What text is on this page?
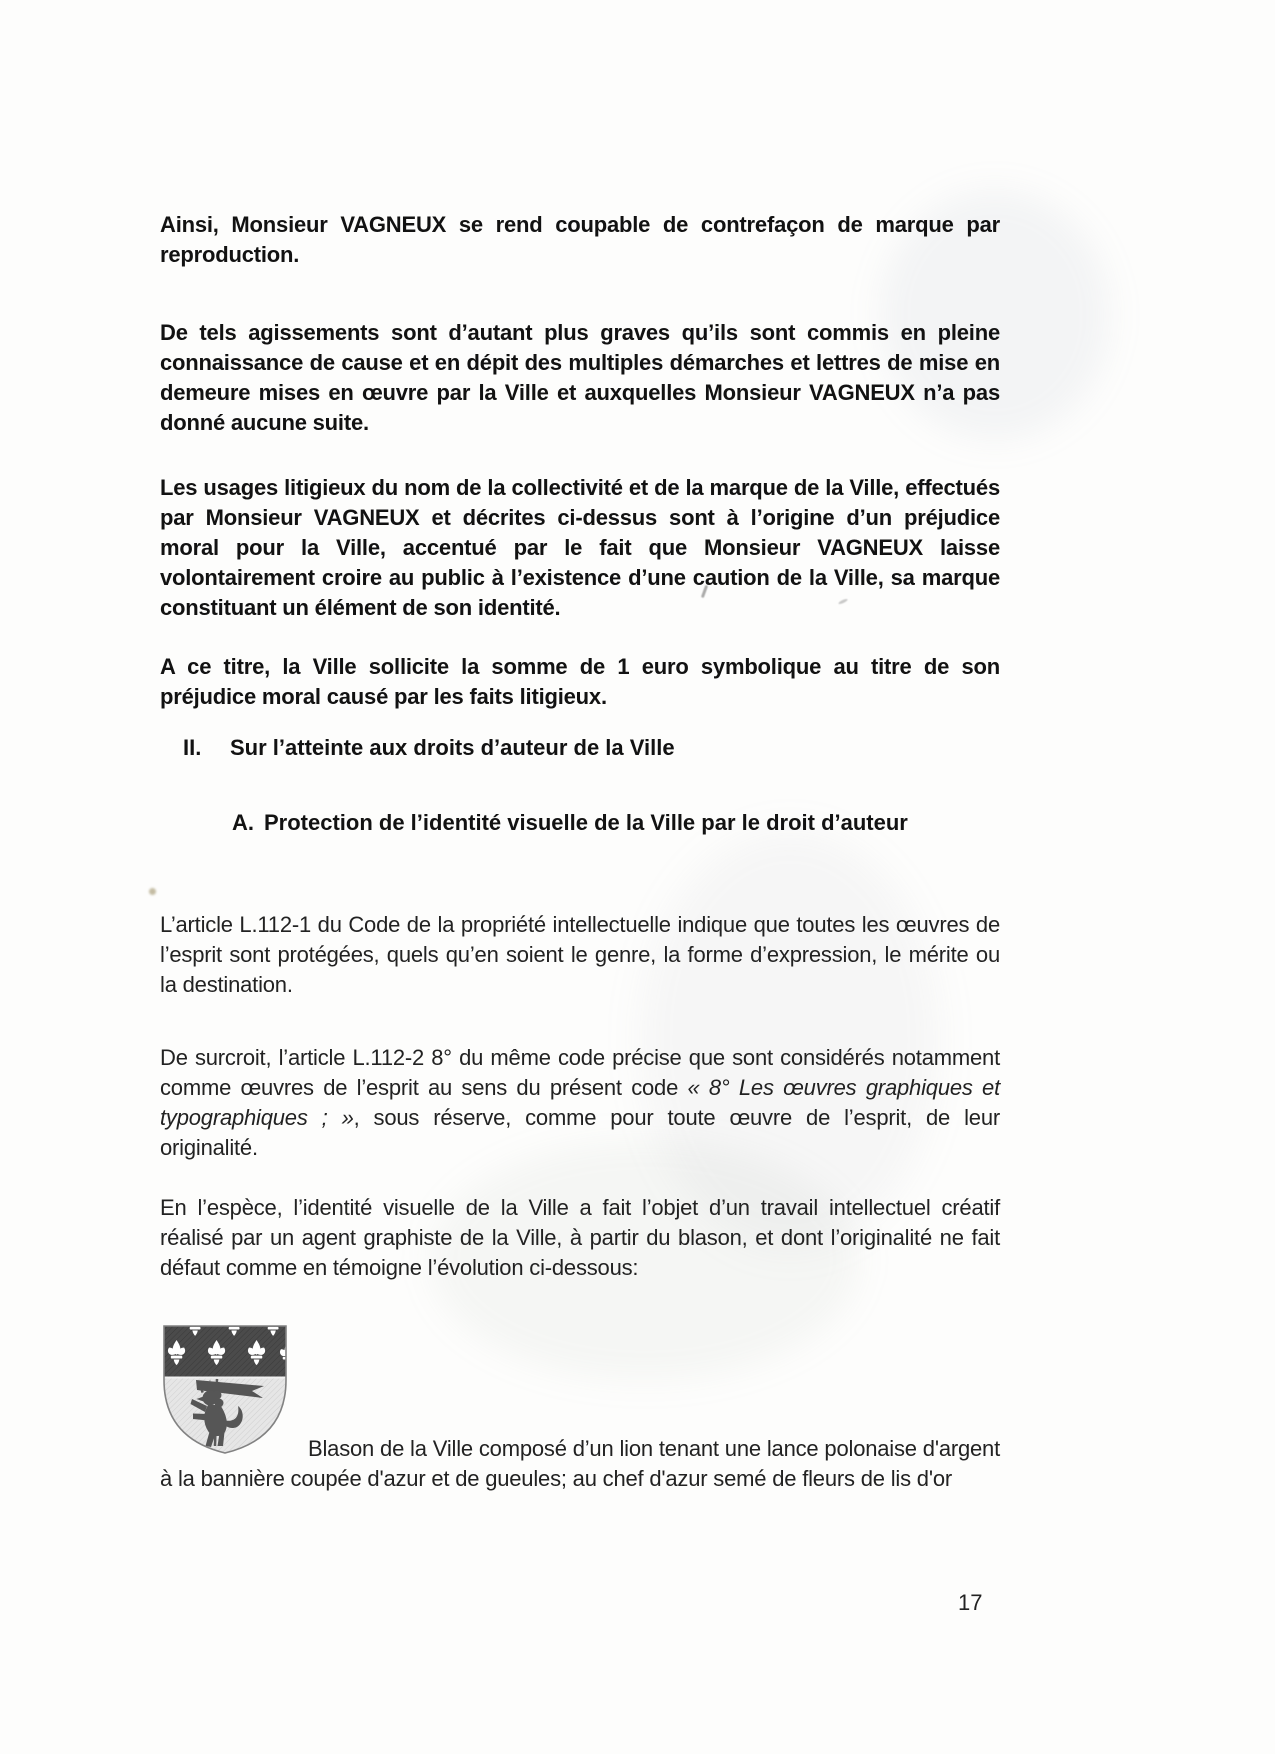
Ainsi, Monsieur VAGNEUX se rend coupable de contrefaçon de marque par reproduction.

De tels agissements sont d’autant plus graves qu’ils sont commis en pleine connaissance de cause et en dépit des multiples démarches et lettres de mise en demeure mises en œuvre par la Ville et auxquelles Monsieur VAGNEUX n’a pas donné aucune suite.

Les usages litigieux du nom de la collectivité et de la marque de la Ville, effectués par Monsieur VAGNEUX et décrites ci-dessus sont à l’origine d’un préjudice moral pour la Ville, accentué par le fait que Monsieur VAGNEUX laisse volontairement croire au public à l’existence d’une caution de la Ville, sa marque constituant un élément de son identité.

A ce titre, la Ville sollicite la somme de 1 euro symbolique au titre de son préjudice moral causé par les faits litigieux.

II. Sur l’atteinte aux droits d’auteur de la Ville
A. Protection de l’identité visuelle de la Ville par le droit d’auteur

L’article L.112-1 du Code de la propriété intellectuelle indique que toutes les œuvres de l’esprit sont protégées, quels qu’en soient le genre, la forme d’expression, le mérite ou la destination.

De surcroit, l’article L.112-2 8° du même code précise que sont considérés notamment comme œuvres de l’esprit au sens du présent code « 8° Les œuvres graphiques et typographiques ; », sous réserve, comme pour toute œuvre de l’esprit, de leur originalité.

En l’espèce, l’identité visuelle de la Ville a fait l’objet d’un travail intellectuel créatif réalisé par un agent graphiste de la Ville, à partir du blason, et dont l’originalité ne fait défaut comme en témoigne l’évolution ci-dessous:

Blason de la Ville composé d’un lion tenant une lance polonaise d'argent à la bannière coupée d'azur et de gueules; au chef d'azur semé de fleurs de lis d'or

17
